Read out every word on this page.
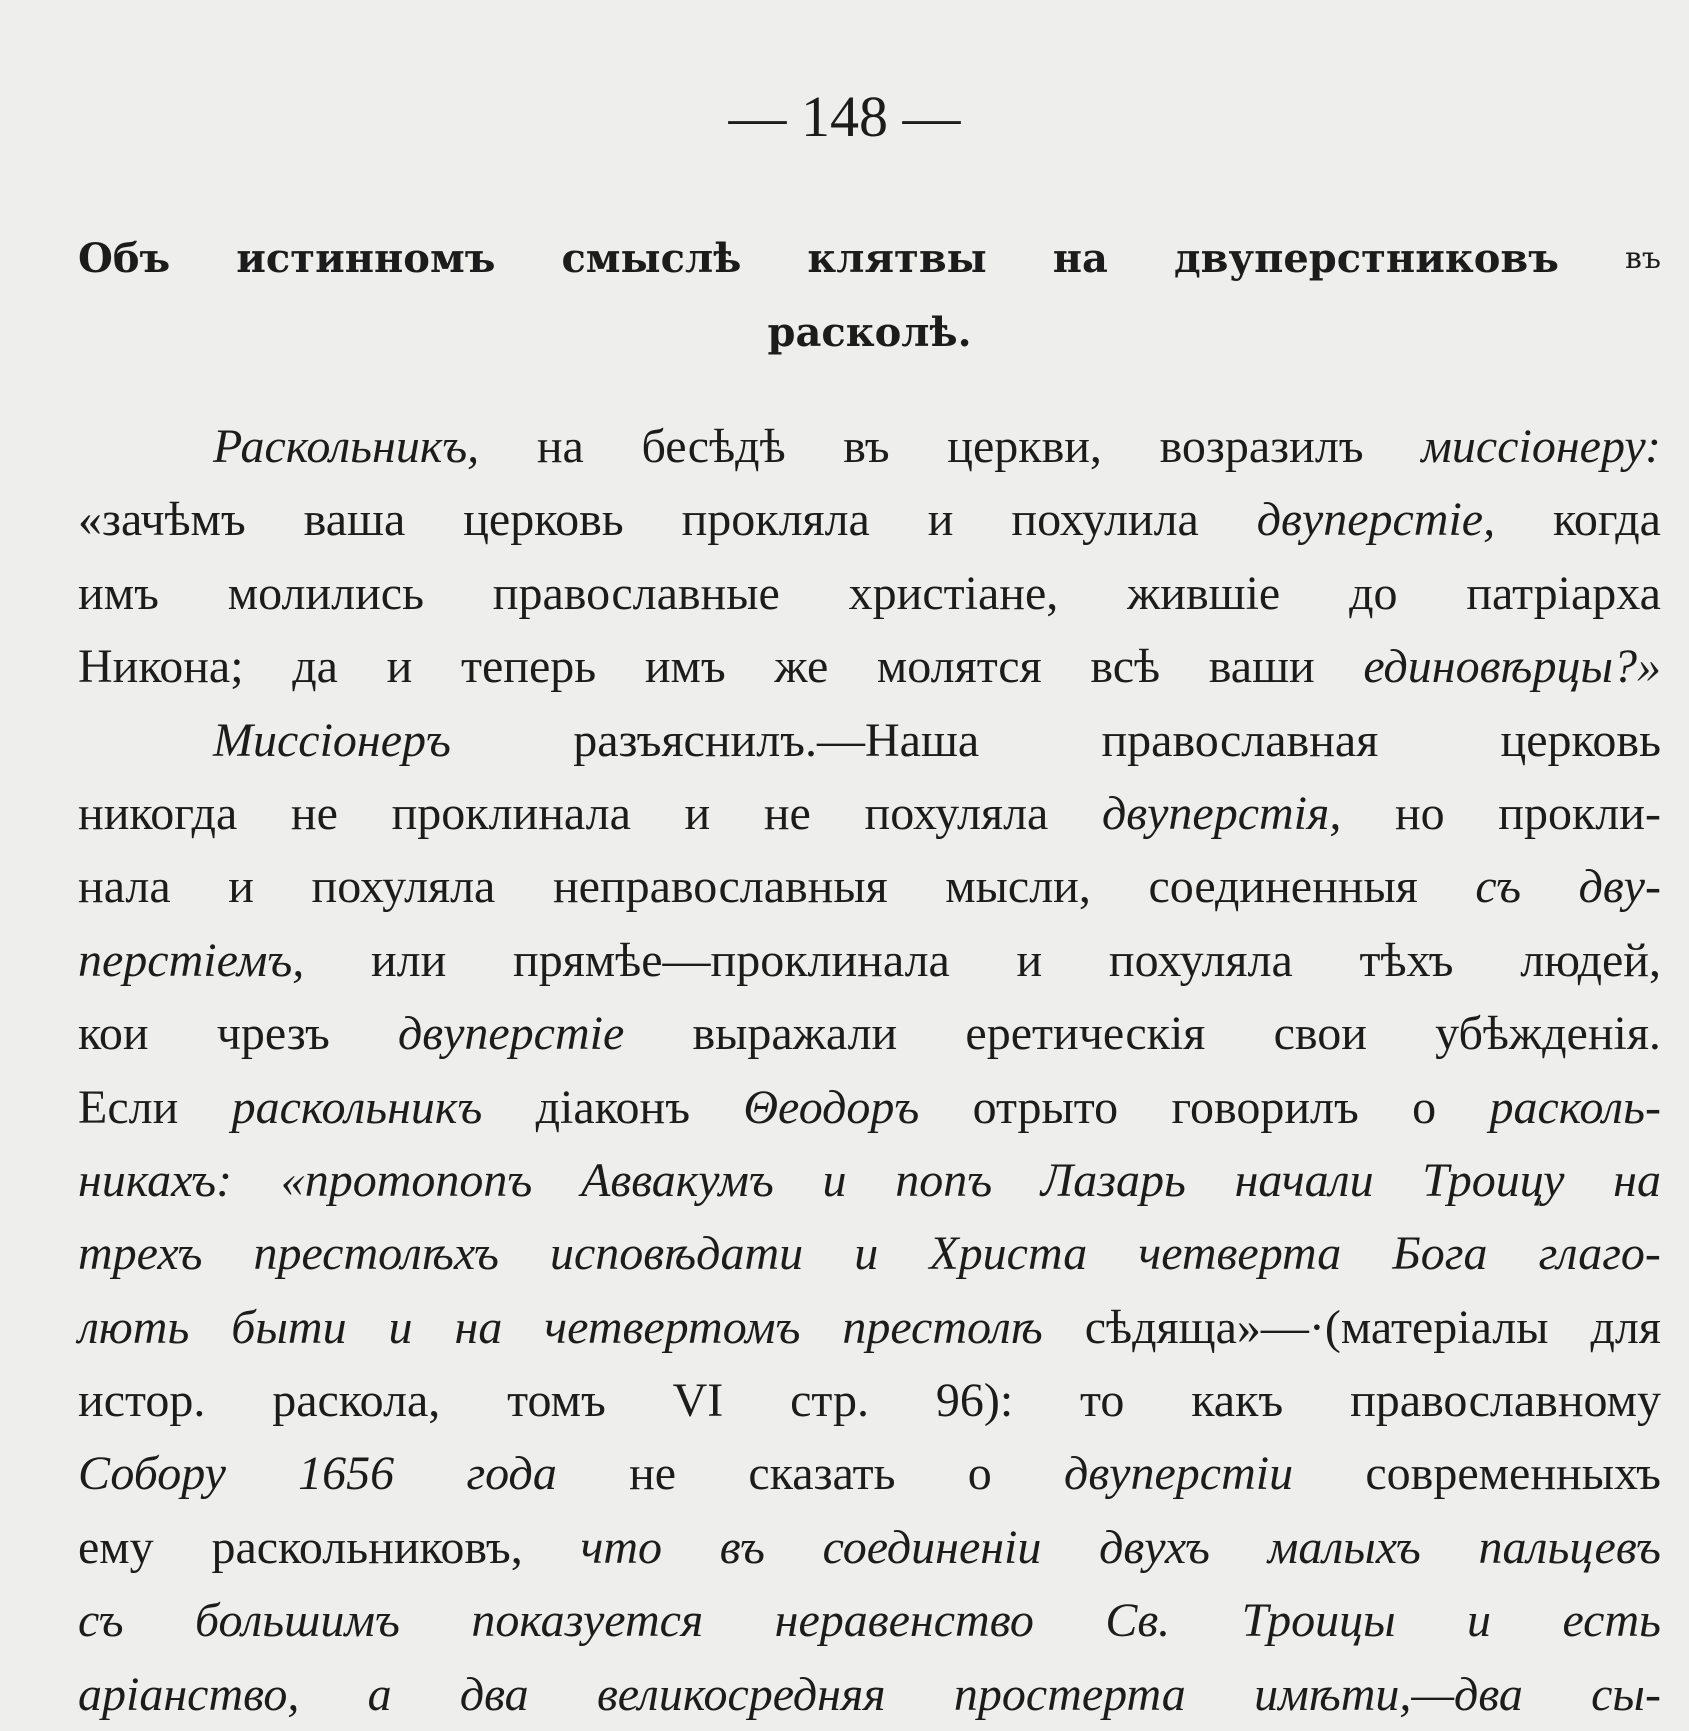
— 148 —
Объ истинномъ смыслѣ клятвы на двуперстниковъ въ
расколѣ.
Раскольникъ, на бесѣдѣ въ церкви, возразилъ миссіонеру:
«зачѣмъ ваша церковь прокляла и похулила двуперстіе, когда
имъ молились православные христіане, жившіе до патріарха
Никона; да и теперь имъ же молятся всѣ ваши единовѣрцы?»
Миссіонеръ	разъяснилъ.—Наша	православная	церковь
никогда не проклинала и не похуляла двуперстія, но прокли-
нала и похуляла неправославныя мысли, соединенныя съ дву-
перстіемъ, или прямѣе—проклинала и похуляла тѣхъ людей,
кои чрезъ двуперстіе выражали еретическія свои убѣжденія.
Если раскольникъ діаконъ Θеодоръ отрыто говорилъ о расколь-
никахъ: «протопопъ Аввакумъ и попъ Лазарь начали Троицу на
трехъ престолѣхъ исповѣдати и Христа четверта Бога глаго-
лють быти и на четвертомъ престолѣ сѣдяща»—·(матеріалы для
истор. раскола, томъ VI стр. 96): то какъ православному
Собору 1656 года не сказать о двуперстіи современныхъ
ему раскольниковъ, что въ соединеніи двухъ малыхъ пальцевъ
съ большимъ показуется неравенство Св. Троицы и есть
аріанство, а два великосредняя простерта имѣти,—два сы-
